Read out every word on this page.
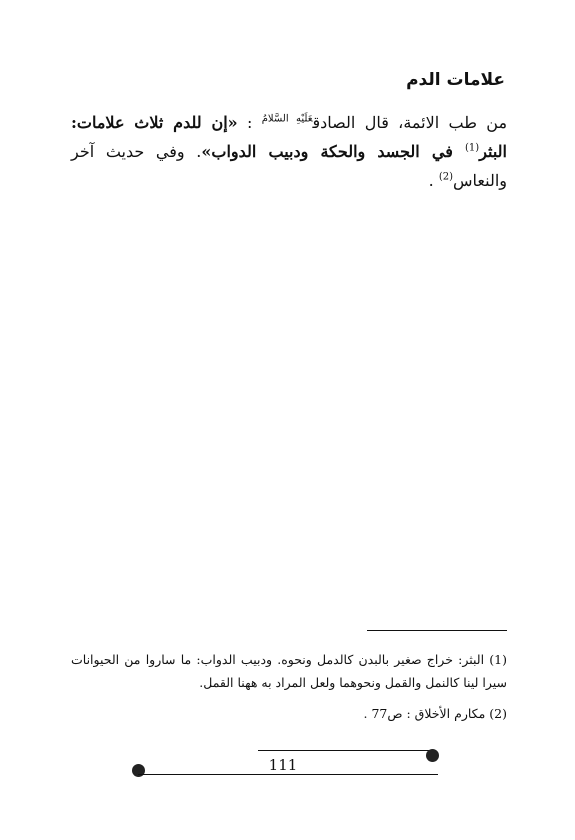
علامات الدم

من طب الائمة، قال الصادق$^{عَلَيْهِ السَّلامُ}$ : «إن للدم ثلاث علامات: البثر$^{(1)}$ في الجسد والحكة ودبيب الدواب». وفي حديث آخر والنعاس$^{(2)}$ .

(1) البثر: خراج صغير بالبدن كالدمل ونحوه. ودبيب الدواب: ما ساروا من الحيوانات سيرا لينا كالنمل والقمل ونحوهما ولعل المراد به ههنا القمل.

(2) مكارم الأخلاق : ص77 .

111
